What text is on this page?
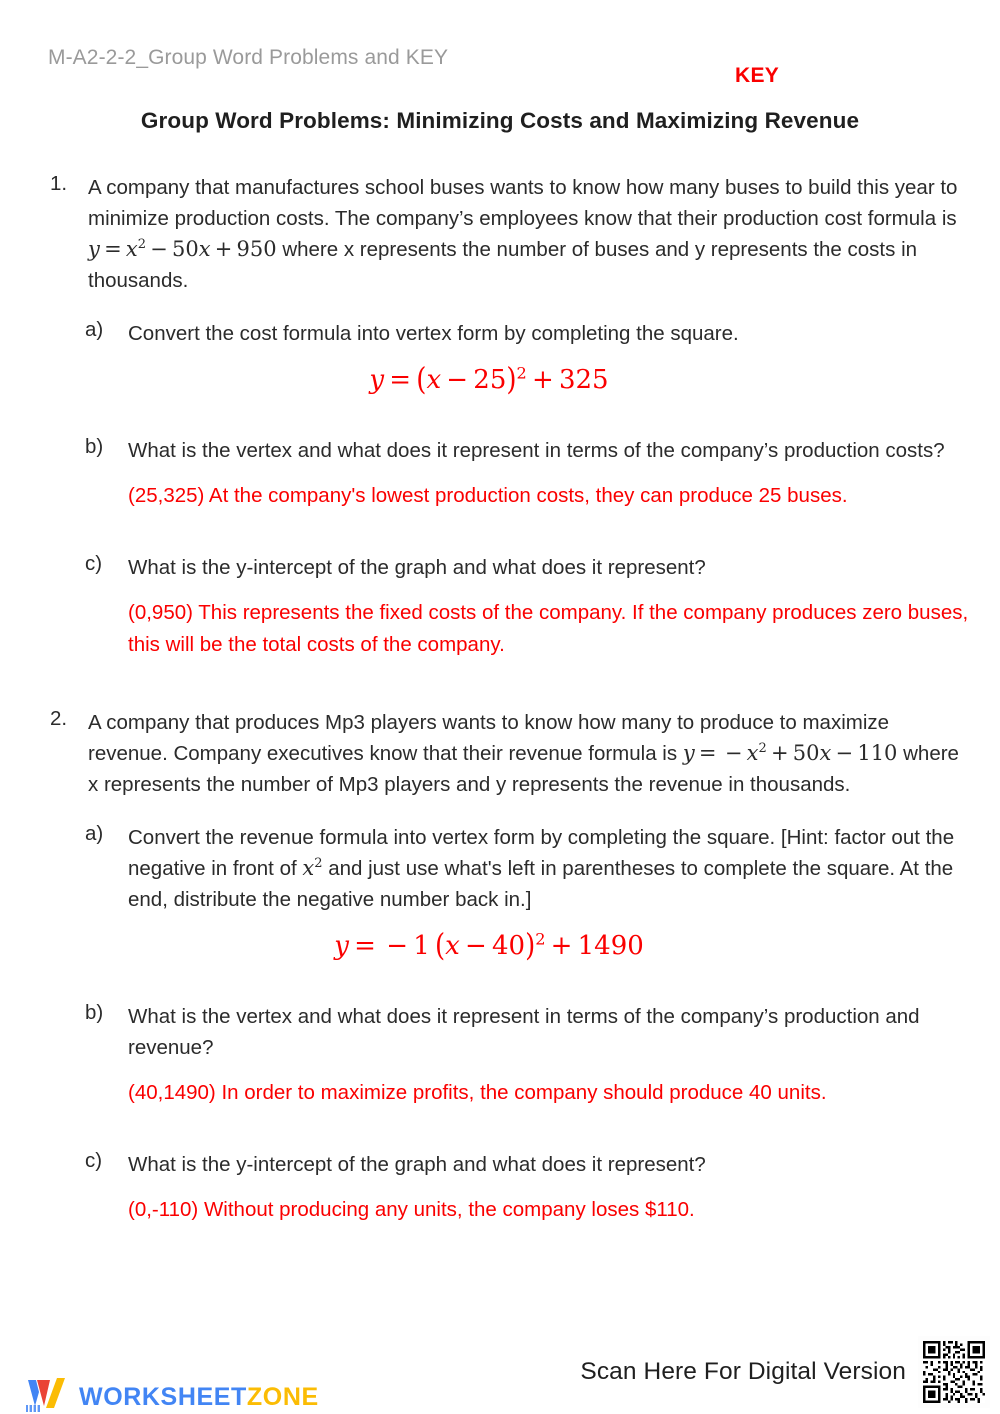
M-A2-2-2_Group Word Problems and KEY
KEY
Group Word Problems: Minimizing Costs and Maximizing Revenue
1. A company that manufactures school buses wants to know how many buses to build this year to minimize production costs. The company’s employees know that their production cost formula is $y = x^2 - 50x + 950$ where x represents the number of buses and y represents the costs in thousands.
a) Convert the cost formula into vertex form by completing the square.
$y = (x - 25)^2 + 325$
b) What is the vertex and what does it represent in terms of the company’s production costs?
(25,325) At the company's lowest production costs, they can produce 25 buses.
c) What is the y-intercept of the graph and what does it represent?
(0,950) This represents the fixed costs of the company. If the company produces zero buses, this will be the total costs of the company.
2. A company that produces Mp3 players wants to know how many to produce to maximize revenue. Company executives know that their revenue formula is y = − $x^2 + 50x - 110$ where x represents the number of Mp3 players and y represents the revenue in thousands.
a) Convert the revenue formula into vertex form by completing the square. [Hint: factor out the negative in front of $x^2$ and just use what's left in parentheses to complete the square. At the end, distribute the negative number back in.]
y = − 1 $(x - 40)^2 + 1490$
b) What is the vertex and what does it represent in terms of the company’s production and revenue?
(40,1490) In order to maximize profits, the company should produce 40 units.
c) What is the y-intercept of the graph and what does it represent?
(0,-110) Without producing any units, the company loses $110.
WORKSHEETZONE
Scan Here For Digital Version
